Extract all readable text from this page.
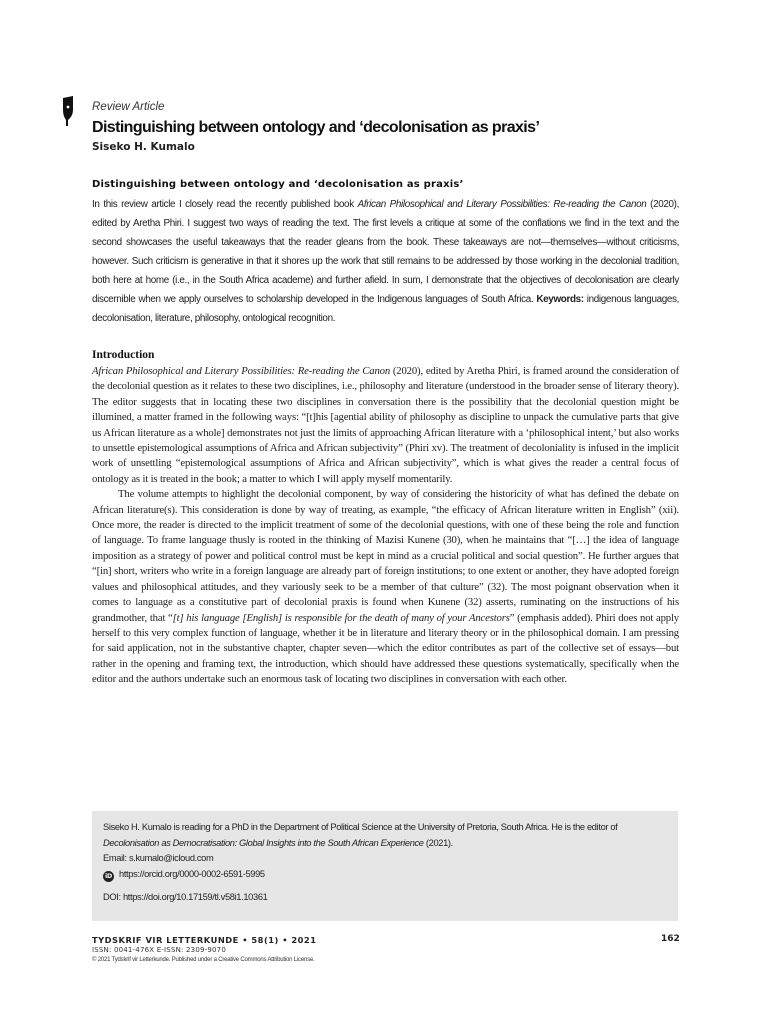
Review Article
Distinguishing between ontology and ‘decolonisation as praxis’
Siseko H. Kumalo
Distinguishing between ontology and ‘decolonisation as praxis’

In this review article I closely read the recently published book African Philosophical and Literary Possibilities: Re-reading the Canon (2020), edited by Aretha Phiri. I suggest two ways of reading the text. The first levels a critique at some of the conflations we find in the text and the second showcases the useful takeaways that the reader gleans from the book. These takeaways are not—themselves—without criticisms, however. Such criticism is generative in that it shores up the work that still remains to be addressed by those working in the decolonial tradition, both here at home (i.e., in the South Africa academe) and further afield. In sum, I demonstrate that the objectives of decolonisation are clearly discernible when we apply ourselves to scholarship developed in the Indigenous languages of South Africa. Keywords: indigenous languages, decolonisation, literature, philosophy, ontological recognition.

Introduction

African Philosophical and Literary Possibilities: Re-reading the Canon (2020), edited by Aretha Phiri, is framed around the consideration of the decolonial question as it relates to these two disciplines, i.e., philosophy and literature (understood in the broader sense of literary theory). The editor suggests that in locating these two disciplines in conversation there is the possibility that the decolonial question might be illumined, a matter framed in the following ways: “[t]his [agential ability of philosophy as discipline to unpack the cumulative parts that give us African literature as a whole] demonstrates not just the limits of approaching African literature with a ‘philosophical intent,’ but also works to unsettle epistemological assumptions of Africa and African subjectivity” (Phiri xv). The treatment of decoloniality is infused in the implicit work of unsettling “epistemological assumptions of Africa and African subjectivity”, which is what gives the reader a central focus of ontology as it is treated in the book; a matter to which I will apply myself momentarily.

The volume attempts to highlight the decolonial component, by way of considering the historicity of what has defined the debate on African literature(s). This consideration is done by way of treating, as example, “the efficacy of African literature written in English” (xii). Once more, the reader is directed to the implicit treatment of some of the decolonial questions, with one of these being the role and function of language. To frame language thusly is rooted in the thinking of Mazisi Kunene (30), when he maintains that “[…] the idea of language imposition as a strategy of power and political control must be kept in mind as a crucial political and social question”. He further argues that “[in] short, writers who write in a foreign language are already part of foreign institutions; to one extent or another, they have adopted foreign values and philosophical attitudes, and they variously seek to be a member of that culture” (32). The most poignant observation when it comes to language as a constitutive part of decolonial praxis is found when Kunene (32) asserts, ruminating on the instructions of his grandmother, that “[t] his language [English] is responsible for the death of many of your Ancestors” (emphasis added). Phiri does not apply herself to this very complex function of language, whether it be in literature and literary theory or in the philosophical domain. I am pressing for said application, not in the substantive chapter, chapter seven—which the editor contributes as part of the collective set of essays—but rather in the opening and framing text, the introduction, which should have addressed these questions systematically, specifically when the editor and the authors undertake such an enormous task of locating two disciplines in conversation with each other.

Siseko H. Kumalo is reading for a PhD in the Department of Political Science at the University of Pretoria, South Africa. He is the editor of Decolonisation as Democratisation: Global Insights into the South African Experience (2021).
Email: s.kumalo@icloud.com
iD https://orcid.org/0000-0002-6591-5995
DOI: https://doi.org/10.17159/tl.v58i1.10361
TYDSKRIF VIR LETTERKUNDE • 58(1) • 2021	162
ISSN: 0041-476X E-ISSN: 2309-9070
© 2021 Tydskrif vir Letterkunde. Published under a Creative Commons Attribution License.
